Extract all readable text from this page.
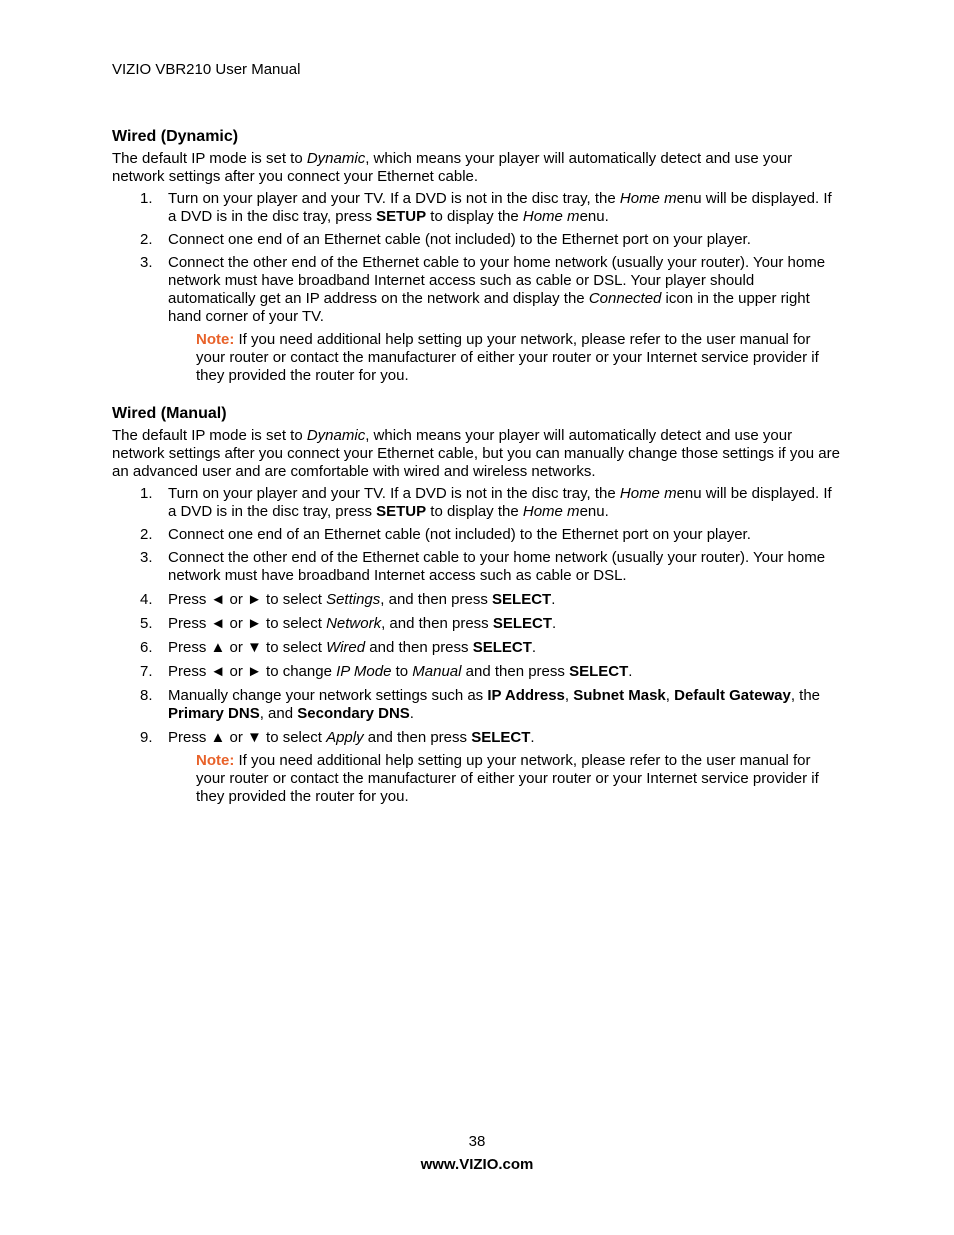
VIZIO VBR210 User Manual
Wired (Dynamic)

The default IP mode is set to Dynamic, which means your player will automatically detect and use your network settings after you connect your Ethernet cable.

1. Turn on your player and your TV. If a DVD is not in the disc tray, the Home menu will be displayed. If a DVD is in the disc tray, press SETUP to display the Home menu.
2. Connect one end of an Ethernet cable (not included) to the Ethernet port on your player.
3. Connect the other end of the Ethernet cable to your home network (usually your router). Your home network must have broadband Internet access such as cable or DSL. Your player should automatically get an IP address on the network and display the Connected icon in the upper right hand corner of your TV.

Note: If you need additional help setting up your network, please refer to the user manual for your router or contact the manufacturer of either your router or your Internet service provider if they provided the router for you.

Wired (Manual)

The default IP mode is set to Dynamic, which means your player will automatically detect and use your network settings after you connect your Ethernet cable, but you can manually change those settings if you are an advanced user and are comfortable with wired and wireless networks.

1. Turn on your player and your TV. If a DVD is not in the disc tray, the Home menu will be displayed. If a DVD is in the disc tray, press SETUP to display the Home menu.
2. Connect one end of an Ethernet cable (not included) to the Ethernet port on your player.
3. Connect the other end of the Ethernet cable to your home network (usually your router). Your home network must have broadband Internet access such as cable or DSL.
4. Press ◄ or ► to select Settings, and then press SELECT.
5. Press ◄ or ► to select Network, and then press SELECT.
6. Press ▲ or ▼ to select Wired and then press SELECT.
7. Press ◄ or ► to change IP Mode to Manual and then press SELECT.
8. Manually change your network settings such as IP Address, Subnet Mask, Default Gateway, the Primary DNS, and Secondary DNS.
9. Press ▲ or ▼ to select Apply and then press SELECT.

Note: If you need additional help setting up your network, please refer to the user manual for your router or contact the manufacturer of either your router or your Internet service provider if they provided the router for you.

38
www.VIZIO.com
